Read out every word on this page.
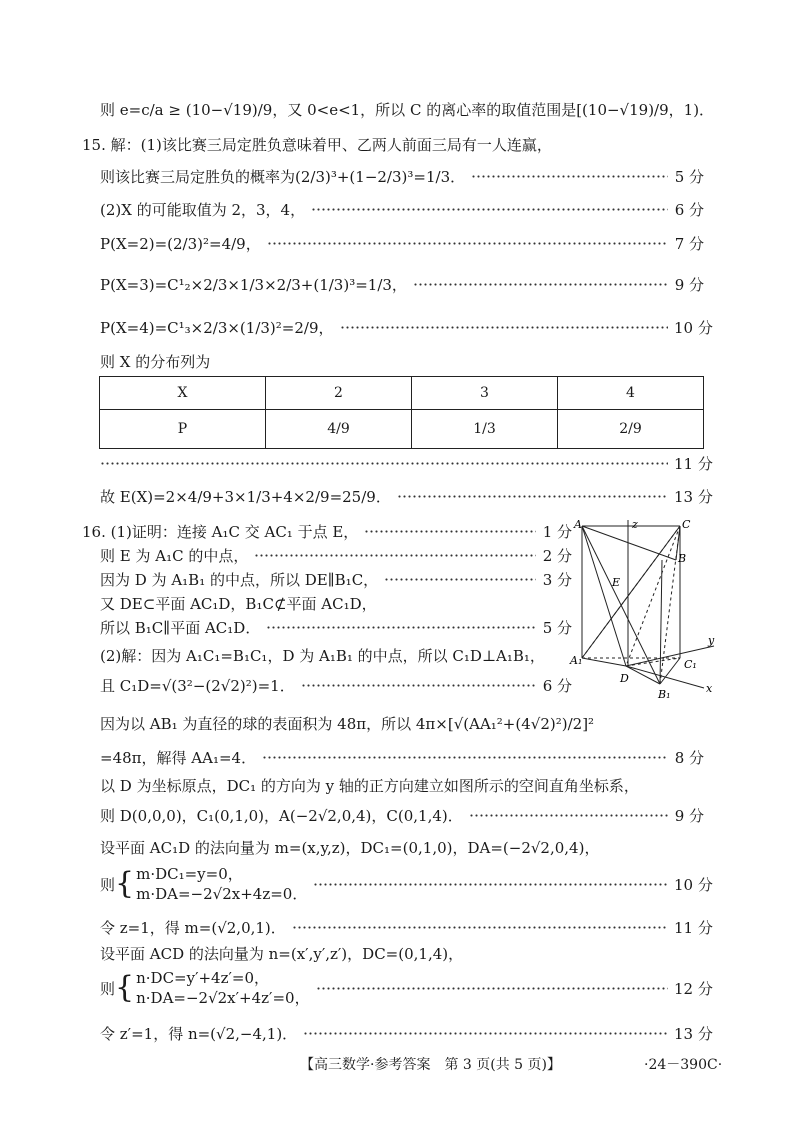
则 e=c/a ≥ (10−√19)/9，又 0<e<1，所以 C 的离心率的取值范围是[(10−√19)/9，1)．
15. 解：(1)该比赛三局定胜负意味着甲、乙两人前面三局有一人连赢，
则该比赛三局定胜负的概率为(2/3)³+(1−2/3)³=1/3．	5 分
(2)X 的可能取值为 2，3，4，	6 分
P(X=2)=(2/3)²=4/9，	7 分
P(X=3)=C¹₂×2/3×1/3×2/3+(1/3)³=1/3，	9 分
P(X=4)=C¹₃×2/3×(1/3)²=2/9，	10 分
则 X 的分布列为
X	2	3	4
P	4/9	1/3	2/9
11 分
故 E(X)=2×4/9+3×1/3+4×2/9=25/9．	13 分
16. (1)证明：连接 A₁C 交 AC₁ 于点 E，	1 分
则 E 为 A₁C 的中点，	2 分
因为 D 为 A₁B₁ 的中点，所以 DE∥B₁C，	3 分
又 DE⊂平面 AC₁D，B₁C⊄平面 AC₁D，
所以 B₁C∥平面 AC₁D．	5 分
(2)解：因为 A₁C₁=B₁C₁，D 为 A₁B₁ 的中点，所以 C₁D⊥A₁B₁，
且 C₁D=√(3²−(2√2)²)=1．	6 分
A	z	C
B
E
A₁	C₁
D
B₁
y
x
因为以 AB₁ 为直径的球的表面积为 48π，所以 4π×[√(AA₁²+(4√2)²)/2]²
=48π，解得 AA₁=4．	8 分
以 D 为坐标原点，DC₁ 的方向为 y 轴的正方向建立如图所示的空间直角坐标系，
则 D(0,0,0)，C₁(0,1,0)，A(−2√2,0,4)，C(0,1,4)．	9 分
设平面 AC₁D 的法向量为 m=(x,y,z)，DC₁=(0,1,0)，DA=(−2√2,0,4)，
则 { m·DC₁=y=0，
m·DA=−2√2x+4z=0．
10 分
令 z=1，得 m=(√2,0,1)．	11 分
设平面 ACD 的法向量为 n=(x′,y′,z′)，DC=(0,1,4)，
则 { n·DC=y′+4z′=0，
n·DA=−2√2x′+4z′=0，
12 分
令 z′=1，得 n=(√2,−4,1)．	13 分
【高三数学·参考答案　第 3 页(共 5 页)】	·24－390C·
